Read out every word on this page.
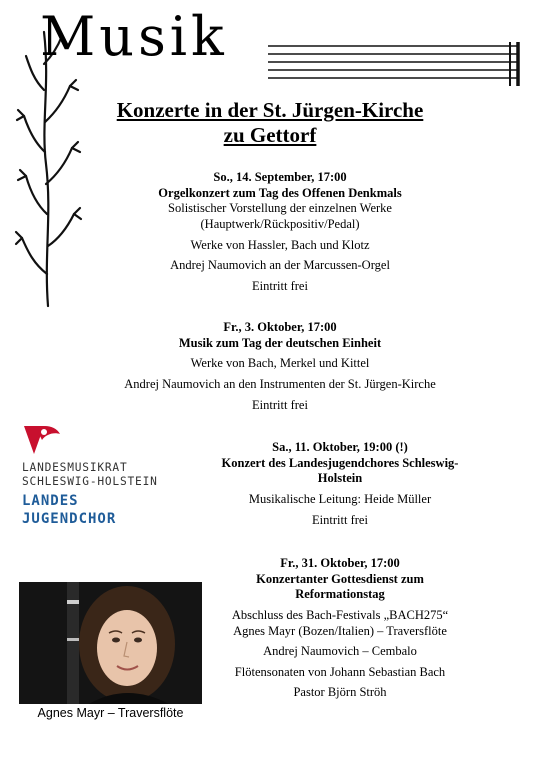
Musik
Konzerte in der St. Jürgen-Kirche
zu Gettorf

So., 14. September, 17:00

Orgelkonzert zum Tag des Offenen Denkmals

Solistischer Vorstellung der einzelnen Werke

(Hauptwerk/Rückpositiv/Pedal)

Werke von Hassler, Bach und Klotz

Andrej Naumovich an der Marcussen-Orgel

Eintritt frei

Fr., 3. Oktober, 17:00

Musik zum Tag der deutschen Einheit

Werke von Bach, Merkel und Kittel

Andrej Naumovich an den Instrumenten der St. Jürgen-Kirche

Eintritt frei

LANDESMUSIKRAT
SCHLESWIG-HOLSTEIN
LANDES
JUGENDCHOR

Sa., 11. Oktober, 19:00 (!)

Konzert des Landesjugendchores Schleswig-

Holstein

Musikalische Leitung: Heide Müller

Eintritt frei

Fr., 31. Oktober, 17:00

Konzertanter Gottesdienst zum

Reformationstag

Abschluss des Bach-Festivals „BACH275“

Agnes Mayr (Bozen/Italien) – Traversflöte

Andrej Naumovich – Cembalo

Flötensonaten von Johann Sebastian Bach

Pastor Björn Ströh

Agnes Mayr – Traversflöte
